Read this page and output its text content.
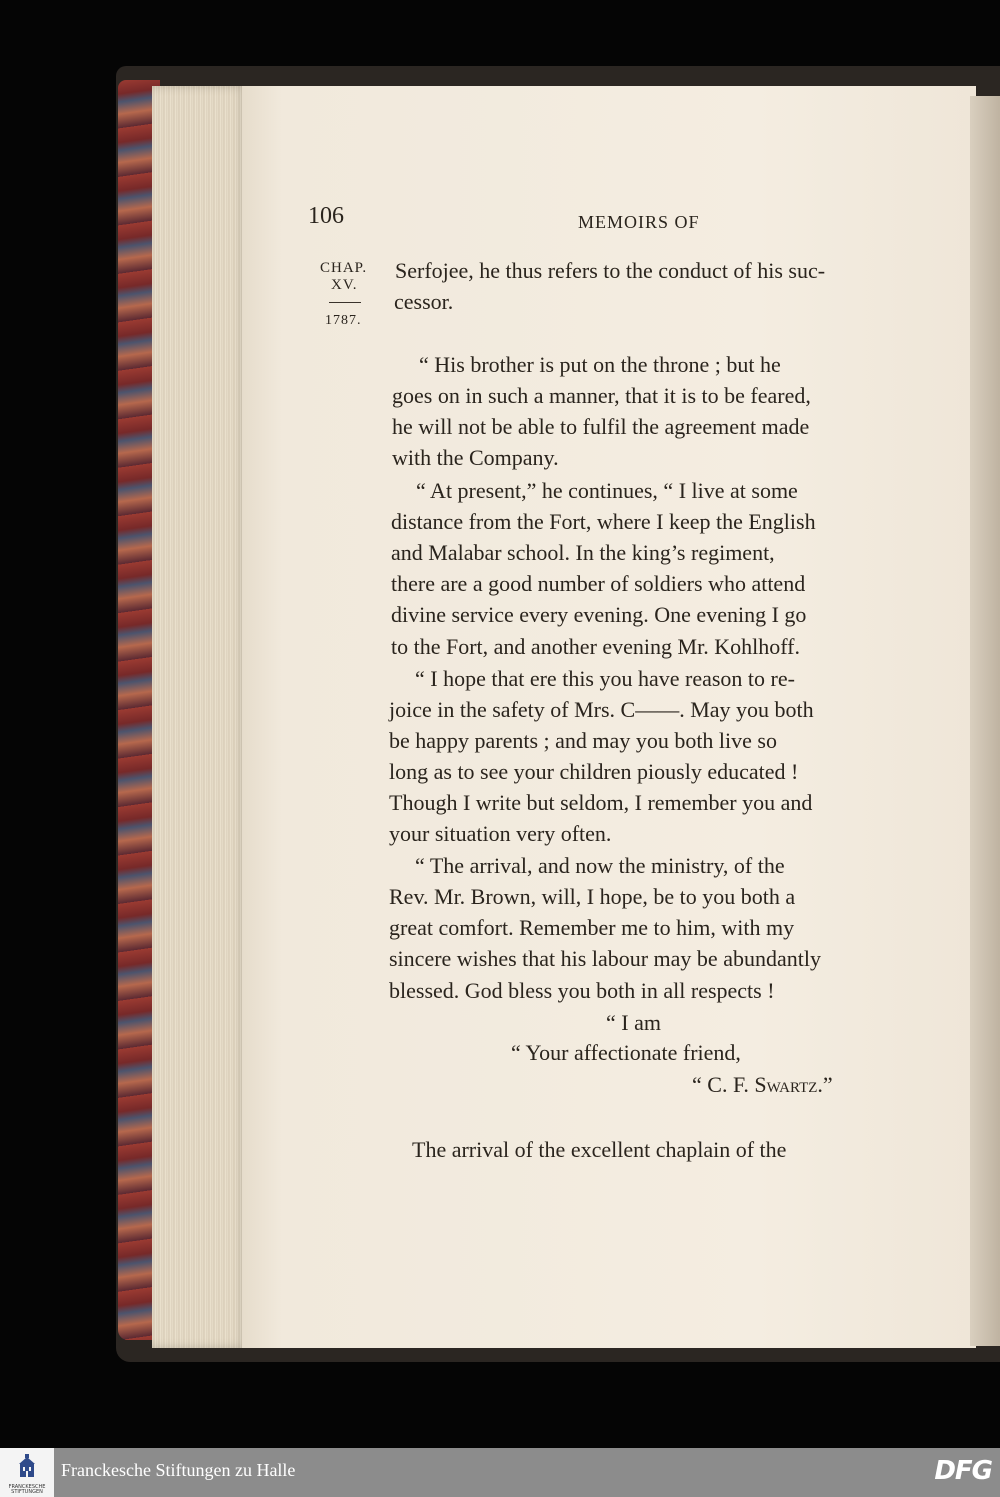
106	MEMOIRS OF
CHAP.
XV.
1787.
Serfojee, he thus refers to the conduct of his suc-
cessor.
“ His brother is put on the throne ; but he
goes on in such a manner, that it is to be feared,
he will not be able to fulfil the agreement made
with the Company.
“ At present,” he continues, “ I live at some
distance from the Fort, where I keep the English
and Malabar school. In the king’s regiment,
there are a good number of soldiers who attend
divine service every evening. One evening I go
to the Fort, and another evening Mr. Kohlhoff.
“ I hope that ere this you have reason to re-
joice in the safety of Mrs. C——. May you both
be happy parents ; and may you both live so
long as to see your children piously educated !
Though I write but seldom, I remember you and
your situation very often.
“ The arrival, and now the ministry, of the
Rev. Mr. Brown, will, I hope, be to you both a
great comfort. Remember me to him, with my
sincere wishes that his labour may be abundantly
blessed. God bless you both in all respects !
“ I am
“ Your affectionate friend,
“ C. F. Swartz.”
The arrival of the excellent chaplain of the
FRANCKESCHE STIFTUNGEN
Franckesche Stiftungen zu Halle	DFG
